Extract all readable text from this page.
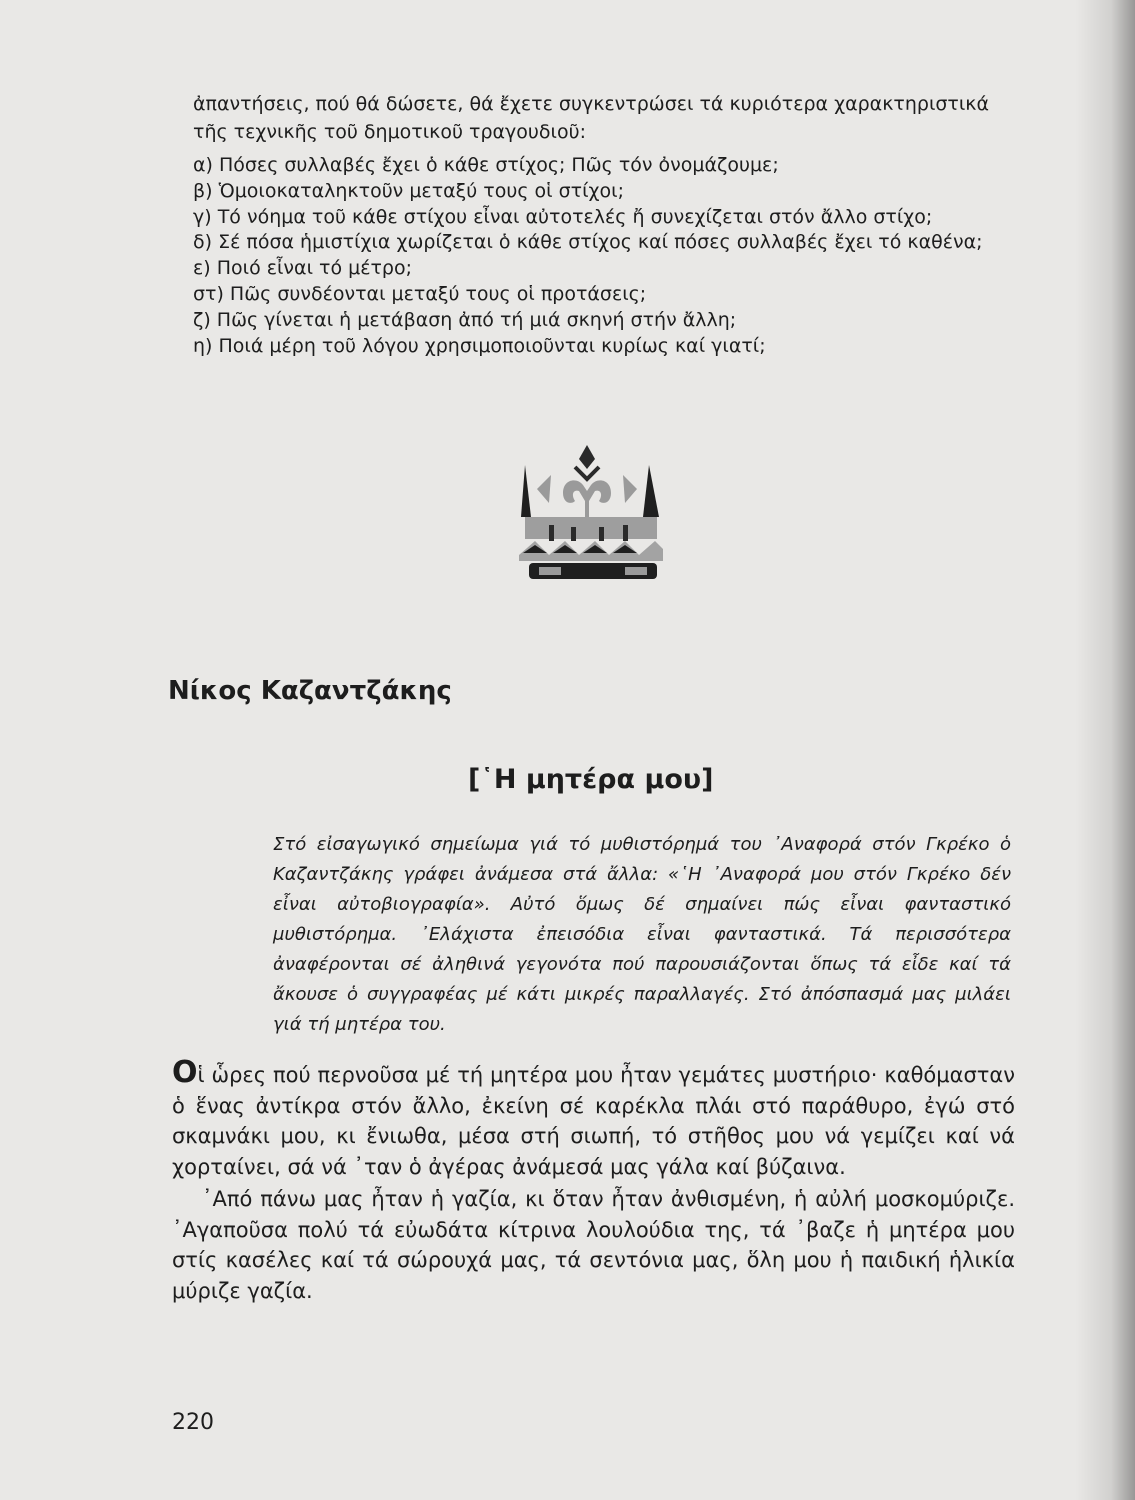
ἀπαντήσεις, πού θά δώσετε, θά ἔχετε συγκεντρώσει τά κυριότερα χαρακτηριστικά τῆς τεχνικῆς τοῦ δημοτικοῦ τραγουδιοῦ:

α) Πόσες συλλαβές ἔχει ὁ κάθε στίχος; Πῶς τόν ὀνομάζουμε;
β) Ὁμοιοκαταληκτοῦν μεταξύ τους οἱ στίχοι;
γ) Τό νόημα τοῦ κάθε στίχου εἶναι αὐτοτελές ἤ συνεχίζεται στόν ἄλλο στίχο;
δ) Σέ πόσα ἡμιστίχια χωρίζεται ὁ κάθε στίχος καί πόσες συλλαβές ἔχει τό καθένα;
ε) Ποιό εἶναι τό μέτρο;
στ) Πῶς συνδέονται μεταξύ τους οἱ προτάσεις;
ζ) Πῶς γίνεται ἡ μετάβαση ἀπό τή μιά σκηνή στήν ἄλλη;
η) Ποιά μέρη τοῦ λόγου χρησιμοποιοῦνται κυρίως καί γιατί;
Νίκος Καζαντζάκης
[῾Η μητέρα μου]

Στό εἰσαγωγικό σημείωμα γιά τό μυθιστόρημά του ᾿Αναφορά στόν Γκρέκο ὁ Καζαντζάκης γράφει ἀνάμεσα στά ἄλλα: «῾Η ᾿Αναφορά μου στόν Γκρέκο δέν εἶναι αὐτοβιογραφία». Αὐτό ὅμως δέ σημαίνει πώς εἶναι φανταστικό μυθιστόρημα. ᾿Ελάχιστα ἐπεισόδια εἶναι φανταστικά. Τά περισσότερα ἀναφέρονται σέ ἀληθινά γεγονότα πού παρουσιάζονται ὅπως τά εἶδε καί τά ἄκουσε ὁ συγγραφέας μέ κάτι μικρές παραλλαγές. Στό ἀπόσπασμά μας μιλάει γιά τή μητέρα του.

Οἱ ὧρες πού περνοῦσα μέ τή μητέρα μου ἦταν γεμάτες μυστήριο· καθόμασταν ὁ ἕνας ἀντίκρα στόν ἄλλο, ἐκείνη σέ καρέκλα πλάι στό παράθυρο, ἐγώ στό σκαμνάκι μου, κι ἔνιωθα, μέσα στή σιωπή, τό στῆθος μου νά γεμίζει καί νά χορταίνει, σά νά ᾿ταν ὁ ἀγέρας ἀνάμεσά μας γάλα καί βύζαινα.

᾿Από πάνω μας ἦταν ἡ γαζία, κι ὅταν ἦταν ἀνθισμένη, ἡ αὐλή μοσκομύριζε. ᾿Αγαποῦσα πολύ τά εὐωδάτα κίτρινα λουλούδια της, τά ᾿βαζε ἡ μητέρα μου στίς κασέλες καί τά σώρουχά μας, τά σεντόνια μας, ὅλη μου ἡ παιδική ἡλικία μύριζε γαζία.

220
